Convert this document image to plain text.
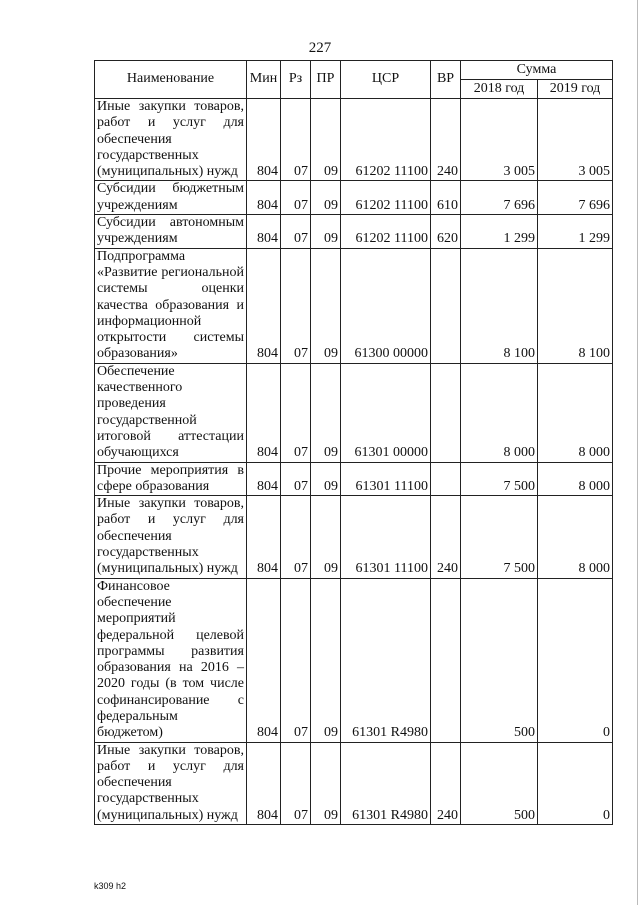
227
Наименование	Мин	Рз	ПР	ЦСР	ВР	Сумма	
						2018 год	2019 год
Иные закупки товаров, работ и услуг для обеспечения государственных (муниципальных) нужд	804	07	09	61202 11100	240	3 005	3 005
Субсидии бюджетным учреждениям	804	07	09	61202 11100	610	7 696	7 696
Субсидии автономным учреждениям	804	07	09	61202 11100	620	1 299	1 299
Подпрограмма «Развитие региональной системы оценки качества образования и информационной открытости системы образования»	804	07	09	61300 00000		8 100	8 100
Обеспечение качественного проведения государственной итоговой аттестации обучающихся	804	07	09	61301 00000		8 000	8 000
Прочие мероприятия в сфере образования	804	07	09	61301 11100		7 500	8 000
Иные закупки товаров, работ и услуг для обеспечения государственных (муниципальных) нужд	804	07	09	61301 11100	240	7 500	8 000
Финансовое обеспечение мероприятий федеральной целевой программы развития образования на 2016 – 2020 годы (в том числе софинансирование с федеральным бюджетом)	804	07	09	61301 R4980		500	0
Иные закупки товаров, работ и услуг для обеспечения государственных (муниципальных) нужд	804	07	09	61301 R4980	240	500	0
k309 h2
